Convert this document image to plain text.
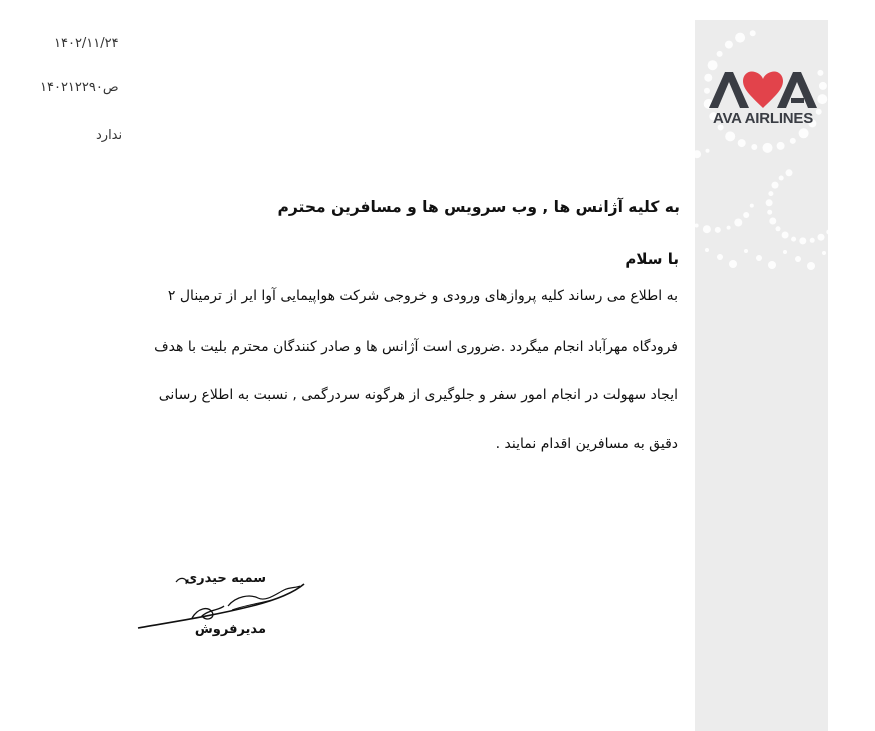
۱۴۰۲/۱۱/۲۴
ص۱۴۰۲۱۲۲۹۰
ندارد
AVA AIRLINES
به کلیه آژانس ها , وب سرویس ها و مسافرین محترم
با سلام
به اطلاع می رساند کلیه پروازهای ورودی و خروجی شرکت هواپیمایی آوا ایر از ترمینال ۲
فرودگاه مهرآباد انجام میگردد .ضروری است آژانس ها و صادر کنندگان محترم بلیت با هدف
ایجاد سهولت در انجام امور سفر و جلوگیری از هرگونه سردرگمی , نسبت به اطلاع رسانی
دقیق به مسافرین اقدام نمایند .
سمیه حیدری
مدیرفروش
